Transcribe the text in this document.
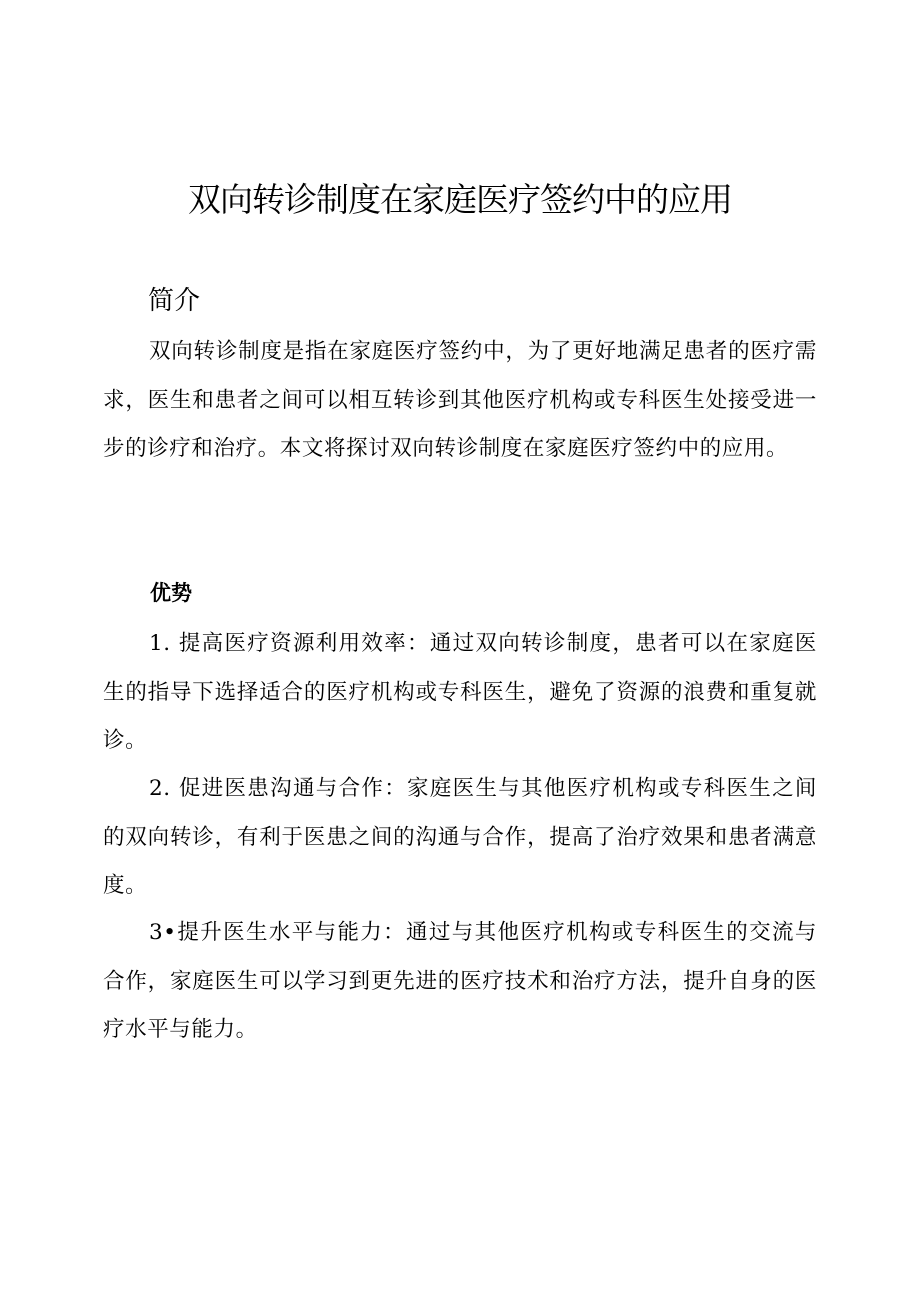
双向转诊制度在家庭医疗签约中的应用
简介

双向转诊制度是指在家庭医疗签约中，为了更好地满足患者的医疗需求，医生和患者之间可以相互转诊到其他医疗机构或专科医生处接受进一步的诊疗和治疗。本文将探讨双向转诊制度在家庭医疗签约中的应用。

优势

1. 提高医疗资源利用效率：通过双向转诊制度，患者可以在家庭医生的指导下选择适合的医疗机构或专科医生，避免了资源的浪费和重复就诊。

2. 促进医患沟通与合作：家庭医生与其他医疗机构或专科医生之间的双向转诊，有利于医患之间的沟通与合作，提高了治疗效果和患者满意度。

3•提升医生水平与能力：通过与其他医疗机构或专科医生的交流与合作，家庭医生可以学习到更先进的医疗技术和治疗方法，提升自身的医疗水平与能力。
